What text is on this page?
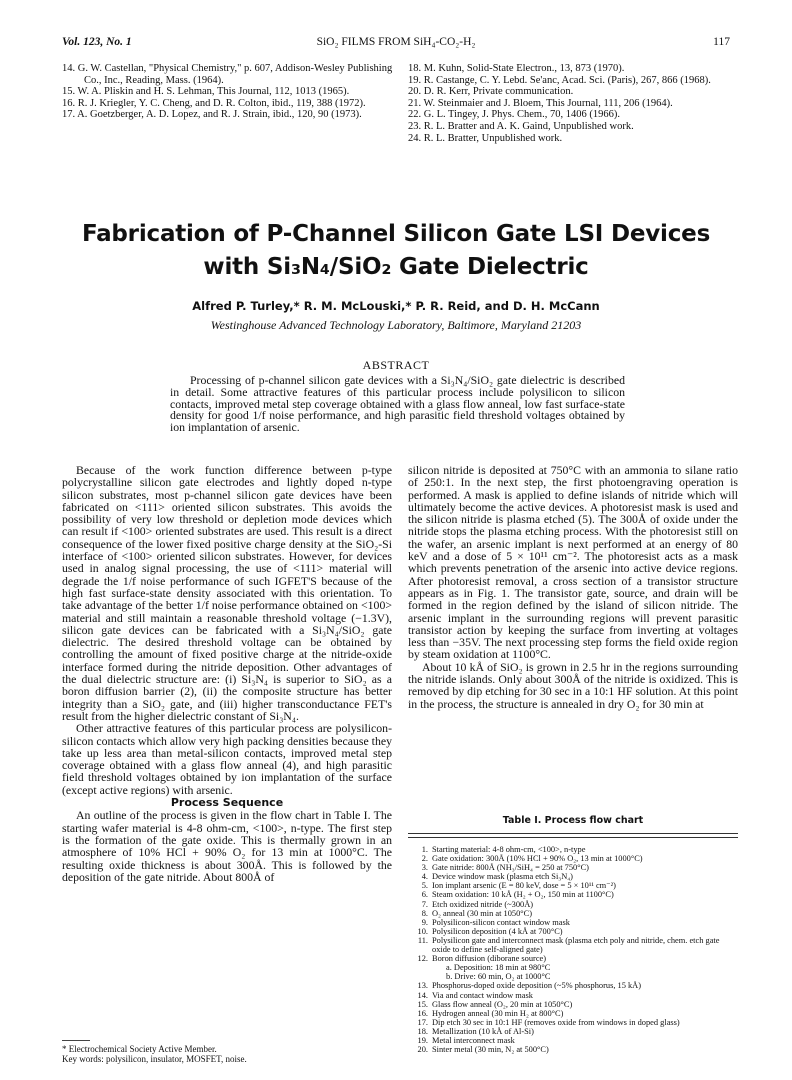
Vol. 123, No. 1	SiO₂ FILMS FROM SiH₄-CO₂-H₂	117
14. G. W. Castellan, "Physical Chemistry," p. 607, Addison-Wesley Publishing Co., Inc., Reading, Mass. (1964).
15. W. A. Pliskin and H. S. Lehman, This Journal, 112, 1013 (1965).
16. R. J. Kriegler, Y. C. Cheng, and D. R. Colton, ibid., 119, 388 (1972).
17. A. Goetzberger, A. D. Lopez, and R. J. Strain, ibid., 120, 90 (1973).
18. M. Kuhn, Solid-State Electron., 13, 873 (1970).
19. R. Castange, C. Y. Lebd. Se'anc, Acad. Sci. (Paris), 267, 866 (1968).
20. D. R. Kerr, Private communication.
21. W. Steinmaier and J. Bloem, This Journal, 111, 206 (1964).
22. G. L. Tingey, J. Phys. Chem., 70, 1406 (1966).
23. R. L. Bratter and A. K. Gaind, Unpublished work.
24. R. L. Bratter, Unpublished work.
Fabrication of P-Channel Silicon Gate LSI Devices
with Si₃N₄/SiO₂ Gate Dielectric
Alfred P. Turley,* R. M. McLouski,* P. R. Reid, and D. H. McCann
Westinghouse Advanced Technology Laboratory, Baltimore, Maryland 21203
ABSTRACT
Processing of p-channel silicon gate devices with a Si₃N₄/SiO₂ gate dielectric is described in detail. Some attractive features of this particular process include polysilicon to silicon contacts, improved metal step coverage obtained with a glass flow anneal, low fast surface-state density for good 1/f noise performance, and high parasitic field threshold voltages obtained by ion implantation of arsenic.

Because of the work function difference between p-type polycrystalline silicon gate electrodes and lightly doped n-type silicon substrates, most p-channel silicon gate devices have been fabricated on <111> oriented silicon substrates. This avoids the possibility of very low threshold or depletion mode devices which can result if <100> oriented substrates are used. This result is a direct consequence of the lower fixed positive charge density at the SiO₂-Si interface of <100> oriented silicon substrates. However, for devices used in analog signal processing, the use of <111> material will degrade the 1/f noise performance of such IGFET'S because of the high fast surface-state density associated with this orientation. To take advantage of the better 1/f noise performance obtained on <100> material and still maintain a reasonable threshold voltage (−1.3V), silicon gate devices can be fabricated with a Si₃N₄/SiO₂ gate dielectric. The desired threshold voltage can be obtained by controlling the amount of fixed positive charge at the nitride-oxide interface formed during the nitride deposition. Other advantages of the dual dielectric structure are: (i) Si₃N₄ is superior to SiO₂ as a boron diffusion barrier (2), (ii) the composite structure has better integrity than a SiO₂ gate, and (iii) higher transconductance FET's result from the higher dielectric constant of Si₃N₄.

Other attractive features of this particular process are polysilicon-silicon contacts which allow very high packing densities because they take up less area than metal-silicon contacts, improved metal step coverage obtained with a glass flow anneal (4), and high parasitic field threshold voltages obtained by ion implantation of the surface (except active regions) with arsenic.

Process Sequence

An outline of the process is given in the flow chart in Table I. The starting wafer material is 4-8 ohm-cm, <100>, n-type. The first step is the formation of the gate oxide. This is thermally grown in an atmosphere of 10% HCl + 90% O₂ for 13 min at 1000°C. The resulting oxide thickness is about 300Å. This is followed by the deposition of the gate nitride. About 800Å of

* Electrochemical Society Active Member.
Key words: polysilicon, insulator, MOSFET, noise.

silicon nitride is deposited at 750°C with an ammonia to silane ratio of 250:1. In the next step, the first photoengraving operation is performed. A mask is applied to define islands of nitride which will ultimately become the active devices. A photoresist mask is used and the silicon nitride is plasma etched (5). The 300Å of oxide under the nitride stops the plasma etching process. With the photoresist still on the wafer, an arsenic implant is next performed at an energy of 80 keV and a dose of 5 × 10¹¹ cm⁻². The photoresist acts as a mask which prevents penetration of the arsenic into active device regions. After photoresist removal, a cross section of a transistor structure appears as in Fig. 1. The transistor gate, source, and drain will be formed in the region defined by the island of silicon nitride. The arsenic implant in the surrounding regions will prevent parasitic transistor action by keeping the surface from inverting at voltages less than −35V. The next processing step forms the field oxide region by steam oxidation at 1100°C.

About 10 kÅ of SiO₂ is grown in 2.5 hr in the regions surrounding the nitride islands. Only about 300Å of the nitride is oxidized. This is removed by dip etching for 30 sec in a 10:1 HF solution. At this point in the process, the structure is annealed in dry O₂ for 30 min at

Table I. Process flow chart
1. Starting material: 4-8 ohm-cm, <100>, n-type
2. Gate oxidation: 300Å (10% HCl + 90% O₂, 13 min at 1000°C)
3. Gate nitride: 800Å (NH₃/SiH₄ = 250 at 750°C)
4. Device window mask (plasma etch Si₃N₄)
5. Ion implant arsenic (E = 80 keV, dose = 5 × 10¹¹ cm⁻²)
6. Steam oxidation: 10 kÅ (H₂ + O₂, 150 min at 1100°C)
7. Etch oxidized nitride (~300Å)
8. O₂ anneal (30 min at 1050°C)
9. Polysilicon-silicon contact window mask
10. Polysilicon deposition (4 kÅ at 700°C)
11. Polysilicon gate and interconnect mask (plasma etch poly and nitride, chem. etch gate oxide to define self-aligned gate)
12. Boron diffusion (diborane source)
a. Deposition: 18 min at 980°C
b. Drive: 60 min, O₂ at 1000°C
13. Phosphorus-doped oxide deposition (~5% phosphorus, 15 kÅ)
14. Via and contact window mask
15. Glass flow anneal (O₂, 20 min at 1050°C)
16. Hydrogen anneal (30 min H₂ at 800°C)
17. Dip etch 30 sec in 10:1 HF (removes oxide from windows in doped glass)
18. Metallization (10 kÅ of Al-Si)
19. Metal interconnect mask
20. Sinter metal (30 min, N₂ at 500°C)
